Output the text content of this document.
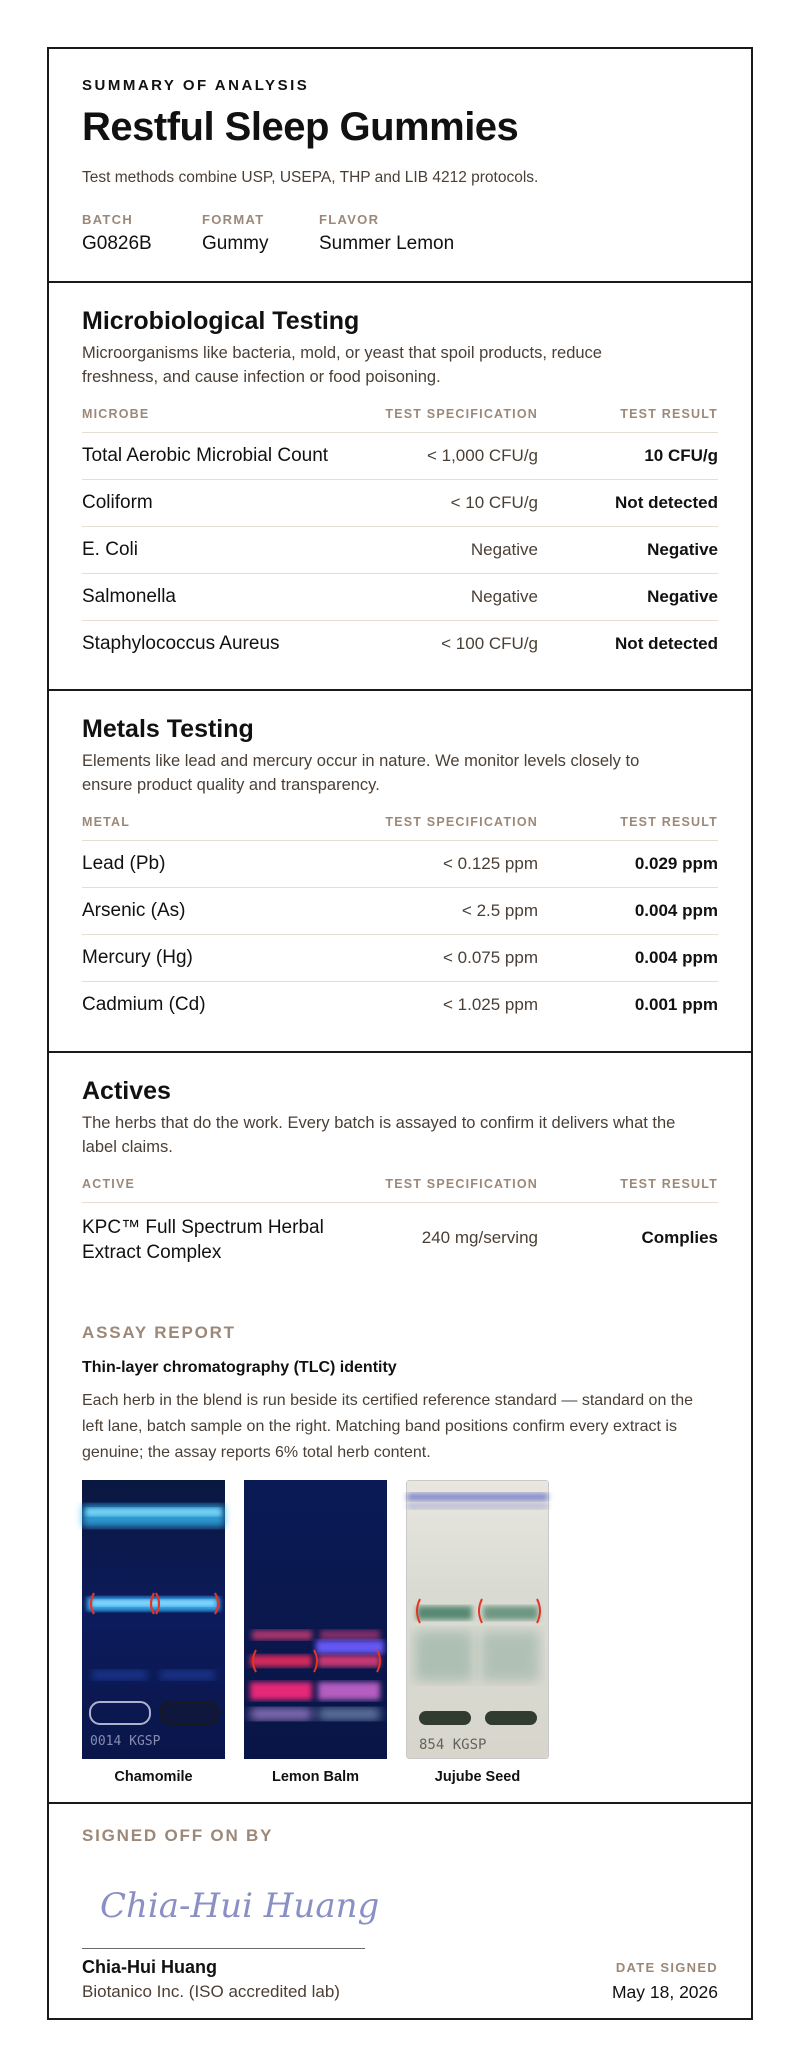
SUMMARY OF ANALYSIS
Restful Sleep Gummies
Test methods combine USP, USEPA, THP and LIB 4212 protocols.
BATCH
G0826B
FORMAT
Gummy
FLAVOR
Summer Lemon
Microbiological Testing
Microorganisms like bacteria, mold, or yeast that spoil products, reduce freshness, and cause infection or food poisoning.
MICROBE	TEST SPECIFICATION	TEST RESULT
Total Aerobic Microbial Count	< 1,000 CFU/g	10 CFU/g
Coliform	< 10 CFU/g	Not detected
E. Coli	Negative	Negative
Salmonella	Negative	Negative
Staphylococcus Aureus	< 100 CFU/g	Not detected
Metals Testing
Elements like lead and mercury occur in nature. We monitor levels closely to ensure product quality and transparency.
METAL	TEST SPECIFICATION	TEST RESULT
Lead (Pb)	< 0.125 ppm	0.029 ppm
Arsenic (As)	< 2.5 ppm	0.004 ppm
Mercury (Hg)	< 0.075 ppm	0.004 ppm
Cadmium (Cd)	< 1.025 ppm	0.001 ppm
Actives
The herbs that do the work. Every batch is assayed to confirm it delivers what the label claims.
ACTIVE	TEST SPECIFICATION	TEST RESULT
KPC™ Full Spectrum Herbal
Extract Complex
240 mg/serving	Complies
ASSAY REPORT
Thin-layer chromatography (TLC) identity
Each herb in the blend is run beside its certified reference standard — standard on the left lane, batch sample on the right. Matching band positions confirm every extract is genuine; the assay reports 6% total herb content.
0014 KGSP
Chamomile	Lemon Balm
854 KGSP
Jujube Seed
SIGNED OFF ON BY
Chia-Hui Huang
Chia-Hui Huang
Biotanico Inc. (ISO accredited lab)
DATE SIGNED
May 18, 2026
